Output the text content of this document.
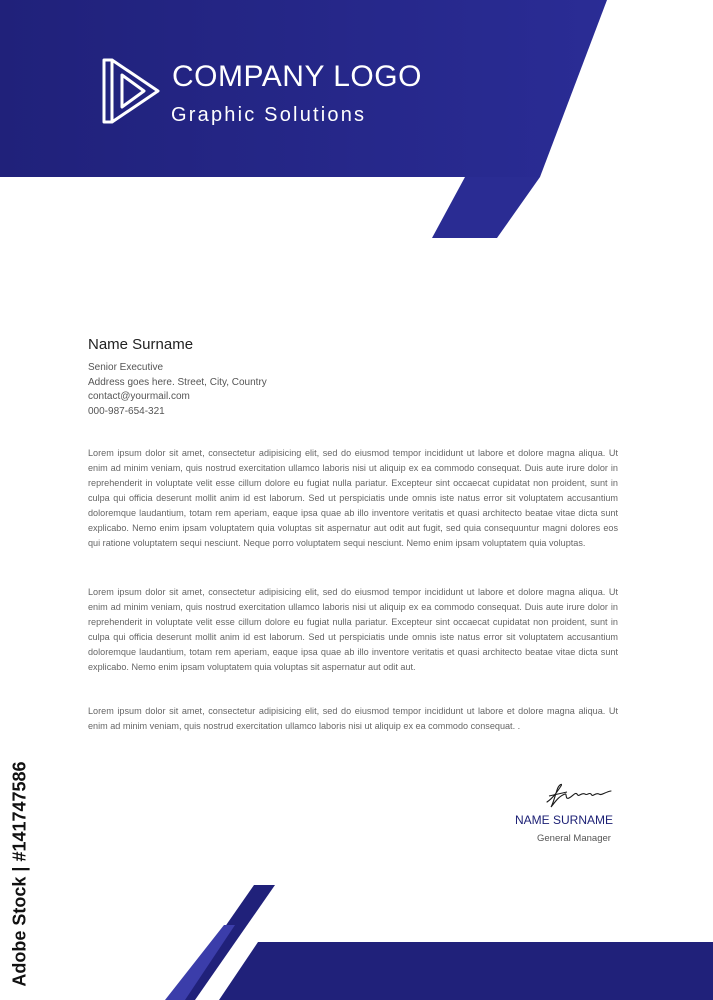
COMPANY LOGO
Graphic Solutions
Name Surname
Senior Executive
Address goes here. Street, City, Country
contact@yourmail.com
000-987-654-321
Lorem ipsum dolor sit amet, consectetur adipisicing elit, sed do eiusmod tempor incididunt ut labore et dolore magna aliqua. Ut enim ad minim veniam, quis nostrud exercitation ullamco laboris nisi ut aliquip ex ea commodo consequat. Duis aute irure dolor in reprehenderit in voluptate velit esse cillum dolore eu fugiat nulla pariatur. Excepteur sint occaecat cupidatat non proident, sunt in culpa qui officia deserunt mollit anim id est laborum. Sed ut perspiciatis unde omnis iste natus error sit voluptatem accusantium doloremque laudantium, totam rem aperiam, eaque ipsa quae ab illo inventore veritatis et quasi architecto beatae vitae dicta sunt explicabo. Nemo enim ipsam voluptatem quia voluptas sit aspernatur aut odit aut fugit, sed quia consequuntur magni dolores eos qui ratione voluptatem sequi nesciunt. Neque porro voluptatem sequi nesciunt. Nemo enim ipsam voluptatem quia voluptas.
Lorem ipsum dolor sit amet, consectetur adipisicing elit, sed do eiusmod tempor incididunt ut labore et dolore magna aliqua. Ut enim ad minim veniam, quis nostrud exercitation ullamco laboris nisi ut aliquip ex ea commodo consequat. Duis aute irure dolor in reprehenderit in voluptate velit esse cillum dolore eu fugiat nulla pariatur. Excepteur sint occaecat cupidatat non proident, sunt in culpa qui officia deserunt mollit anim id est laborum. Sed ut perspiciatis unde omnis iste natus error sit voluptatem accusantium doloremque laudantium, totam rem aperiam, eaque ipsa quae ab illo inventore veritatis et quasi architecto beatae vitae dicta sunt explicabo. Nemo enim ipsam voluptatem quia voluptas sit aspernatur aut odit aut.
Lorem ipsum dolor sit amet, consectetur adipisicing elit, sed do eiusmod tempor incididunt ut labore et dolore magna aliqua. Ut enim ad minim veniam, quis nostrud exercitation ullamco laboris nisi ut aliquip ex ea commodo consequat. .
NAME SURNAME
General Manager
Adobe Stock | #141747586
